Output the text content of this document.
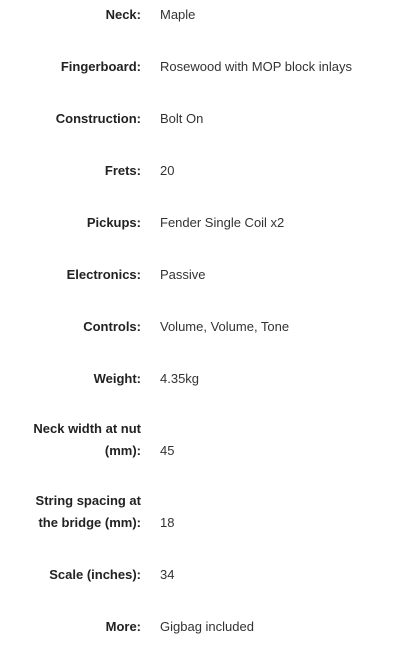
Neck: Maple
Fingerboard: Rosewood with MOP block inlays
Construction: Bolt On
Frets: 20
Pickups: Fender Single Coil x2
Electronics: Passive
Controls: Volume, Volume, Tone
Weight: 4.35kg
Neck width at nut
(mm): 45
String spacing at
the bridge (mm): 18
Scale (inches): 34
More: Gigbag included
